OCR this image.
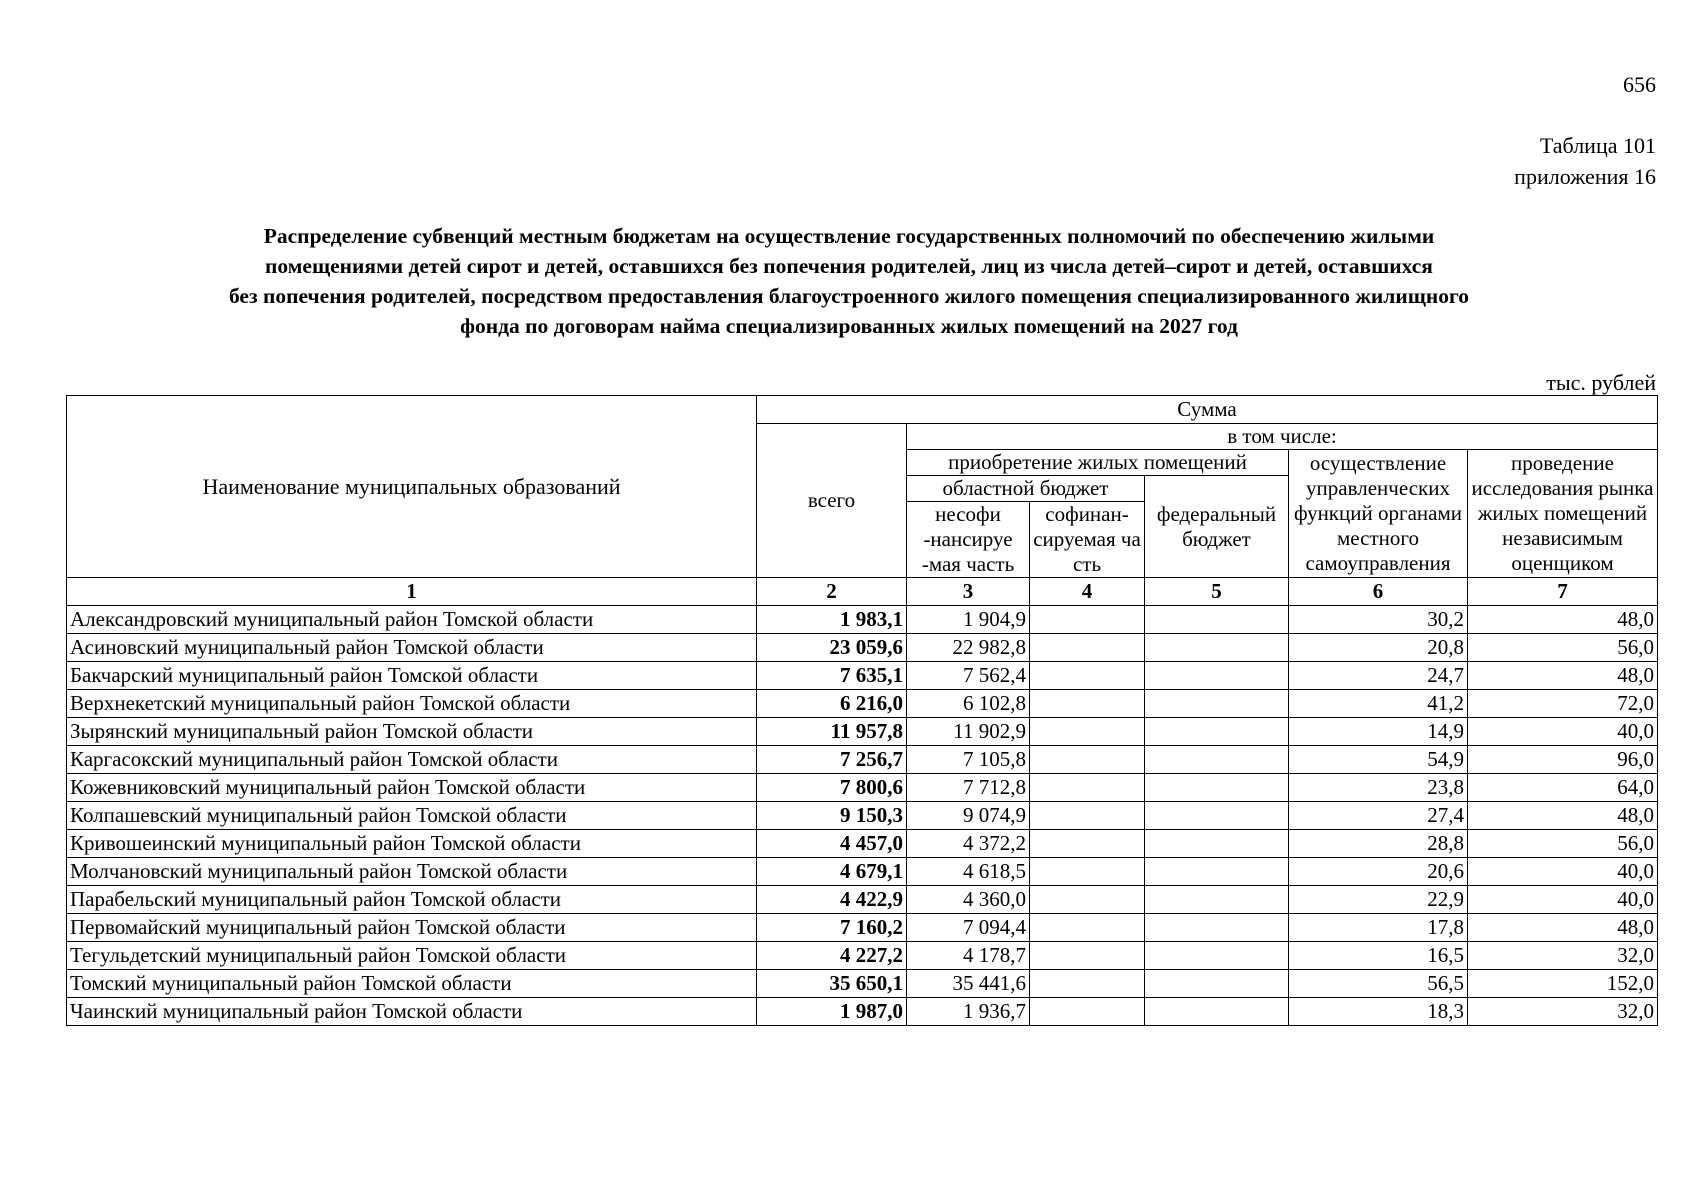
656
Таблица 101
приложения 16
Распределение субвенций местным бюджетам на осуществление государственных полномочий по обеспечению жилыми
помещениями детей сирот и детей, оставшихся без попечения родителей, лиц из числа детей–сирот и детей, оставшихся
без попечения родителей, посредством предоставления благоустроенного жилого помещения специализированного жилищного
фонда по договорам найма специализированных жилых помещений на 2027 год
тыс. рублей
Наименование муниципальных образований	Сумма					
	всего	в том числе:				
		приобретение жилых помещений			осуществление управленческих функций органами местного самоуправления	проведение исследования рынка жилых помещений независимым оценщиком
		областной бюджет		федеральный бюджет		
		несофи
-нансируе
-мая часть	софинан-
сируемая ча
сть			
1	2	3	4	5	6	7
Александровский муниципальный район Томской области	1 983,1	1 904,9			30,2	48,0
Асиновский муниципальный район Томской области	23 059,6	22 982,8			20,8	56,0
Бакчарский муниципальный район Томской области	7 635,1	7 562,4			24,7	48,0
Верхнекетский муниципальный район Томской области	6 216,0	6 102,8			41,2	72,0
Зырянский муниципальный район Томской области	11 957,8	11 902,9			14,9	40,0
Каргасокский муниципальный район Томской области	7 256,7	7 105,8			54,9	96,0
Кожевниковский муниципальный район Томской области	7 800,6	7 712,8			23,8	64,0
Колпашевский муниципальный район Томской области	9 150,3	9 074,9			27,4	48,0
Кривошеинский муниципальный район Томской области	4 457,0	4 372,2			28,8	56,0
Молчановский муниципальный район Томской области	4 679,1	4 618,5			20,6	40,0
Парабельский муниципальный район Томской области	4 422,9	4 360,0			22,9	40,0
Первомайский муниципальный район Томской области	7 160,2	7 094,4			17,8	48,0
Тегульдетский муниципальный район Томской области	4 227,2	4 178,7			16,5	32,0
Томский муниципальный район Томской области	35 650,1	35 441,6			56,5	152,0
Чаинский муниципальный район Томской области	1 987,0	1 936,7			18,3	32,0
